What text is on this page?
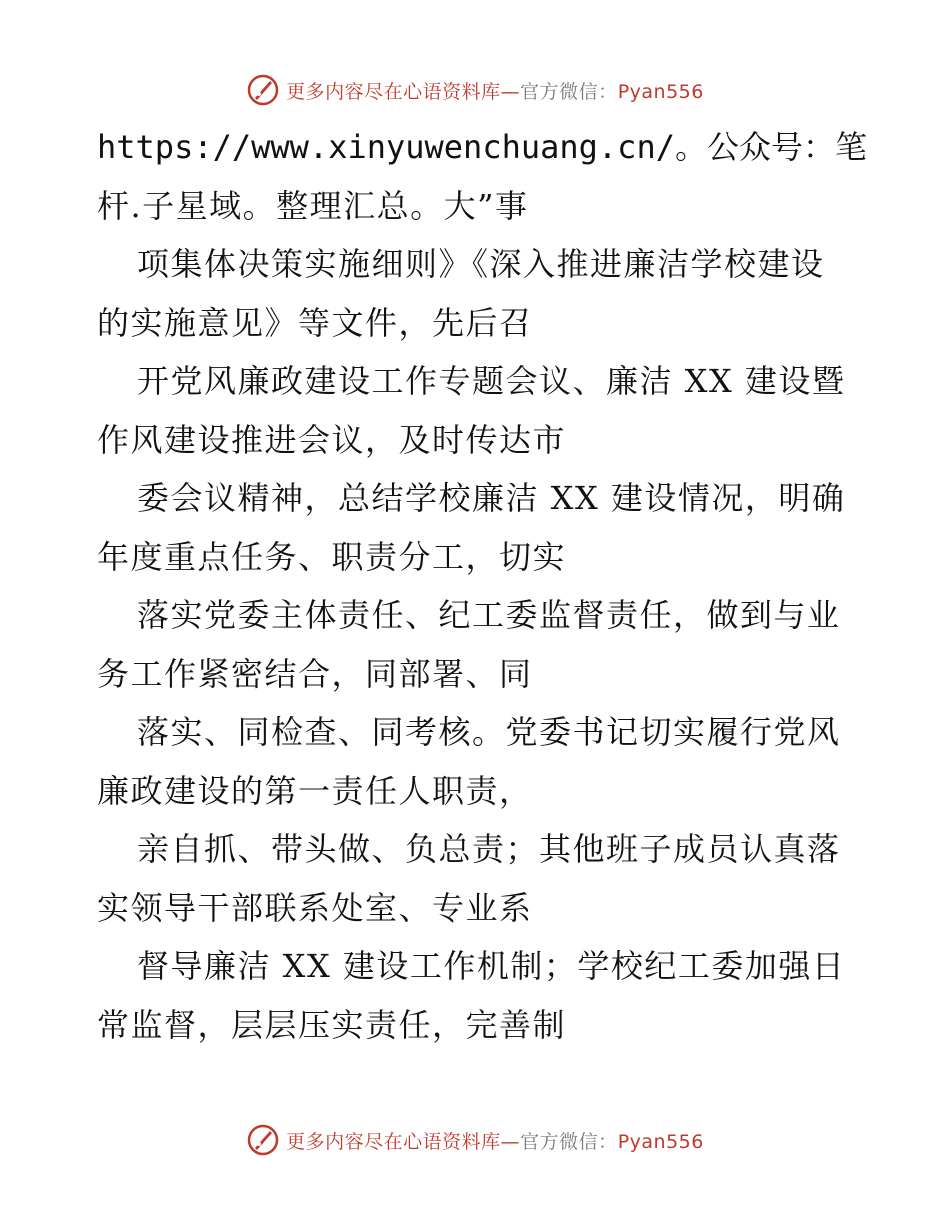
更多内容尽在心语资料库—官方微信：Pyan556
https://www.xinyuwenchuang.cn/。公众号：笔
杆.子星域。整理汇总。大”事
项集体决策实施细则》《深入推进廉洁学校建设
的实施意见》等文件，先后召
开党风廉政建设工作专题会议、廉洁 XX 建设暨
作风建设推进会议，及时传达市
委会议精神，总结学校廉洁 XX 建设情况，明确
年度重点任务、职责分工，切实
落实党委主体责任、纪工委监督责任，做到与业
务工作紧密结合，同部署、同
落实、同检查、同考核。党委书记切实履行党风
廉政建设的第一责任人职责，
亲自抓、带头做、负总责；其他班子成员认真落
实领导干部联系处室、专业系
督导廉洁 XX 建设工作机制；学校纪工委加强日
常监督，层层压实责任，完善制
更多内容尽在心语资料库—官方微信：Pyan556
